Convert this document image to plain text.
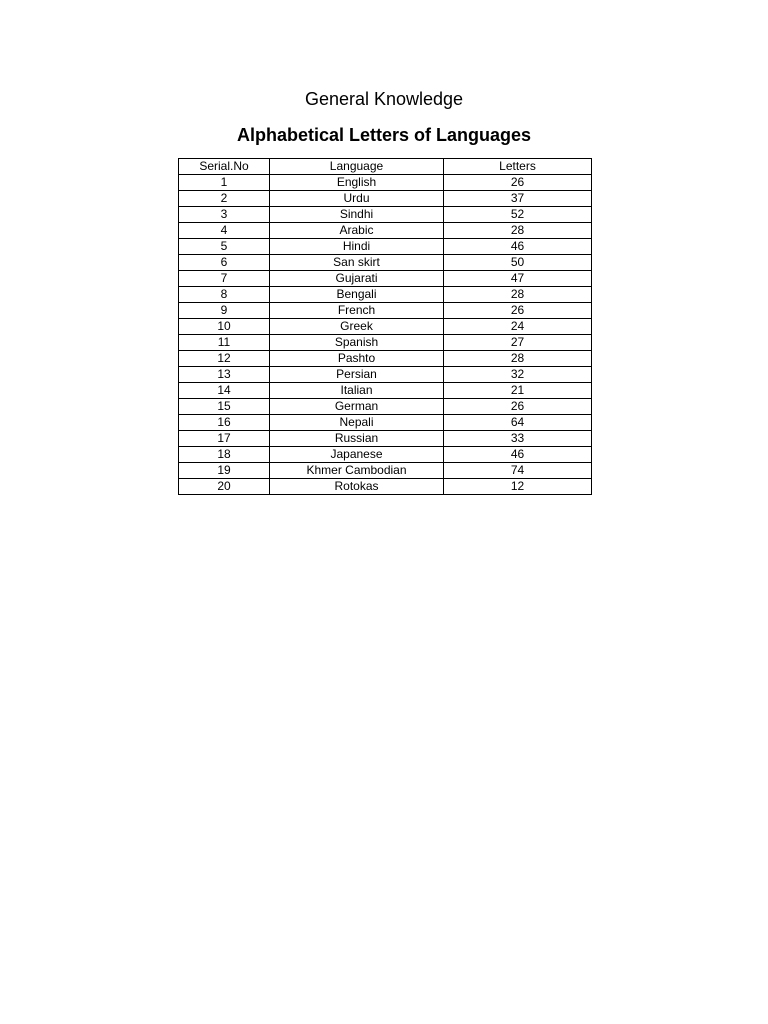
General Knowledge
Alphabetical Letters of Languages
Serial.No	Language	Letters
1	English	26
2	Urdu	37
3	Sindhi	52
4	Arabic	28
5	Hindi	46
6	San skirt	50
7	Gujarati	47
8	Bengali	28
9	French	26
10	Greek	24
11	Spanish	27
12	Pashto	28
13	Persian	32
14	Italian	21
15	German	26
16	Nepali	64
17	Russian	33
18	Japanese	46
19	Khmer Cambodian	74
20	Rotokas	12
